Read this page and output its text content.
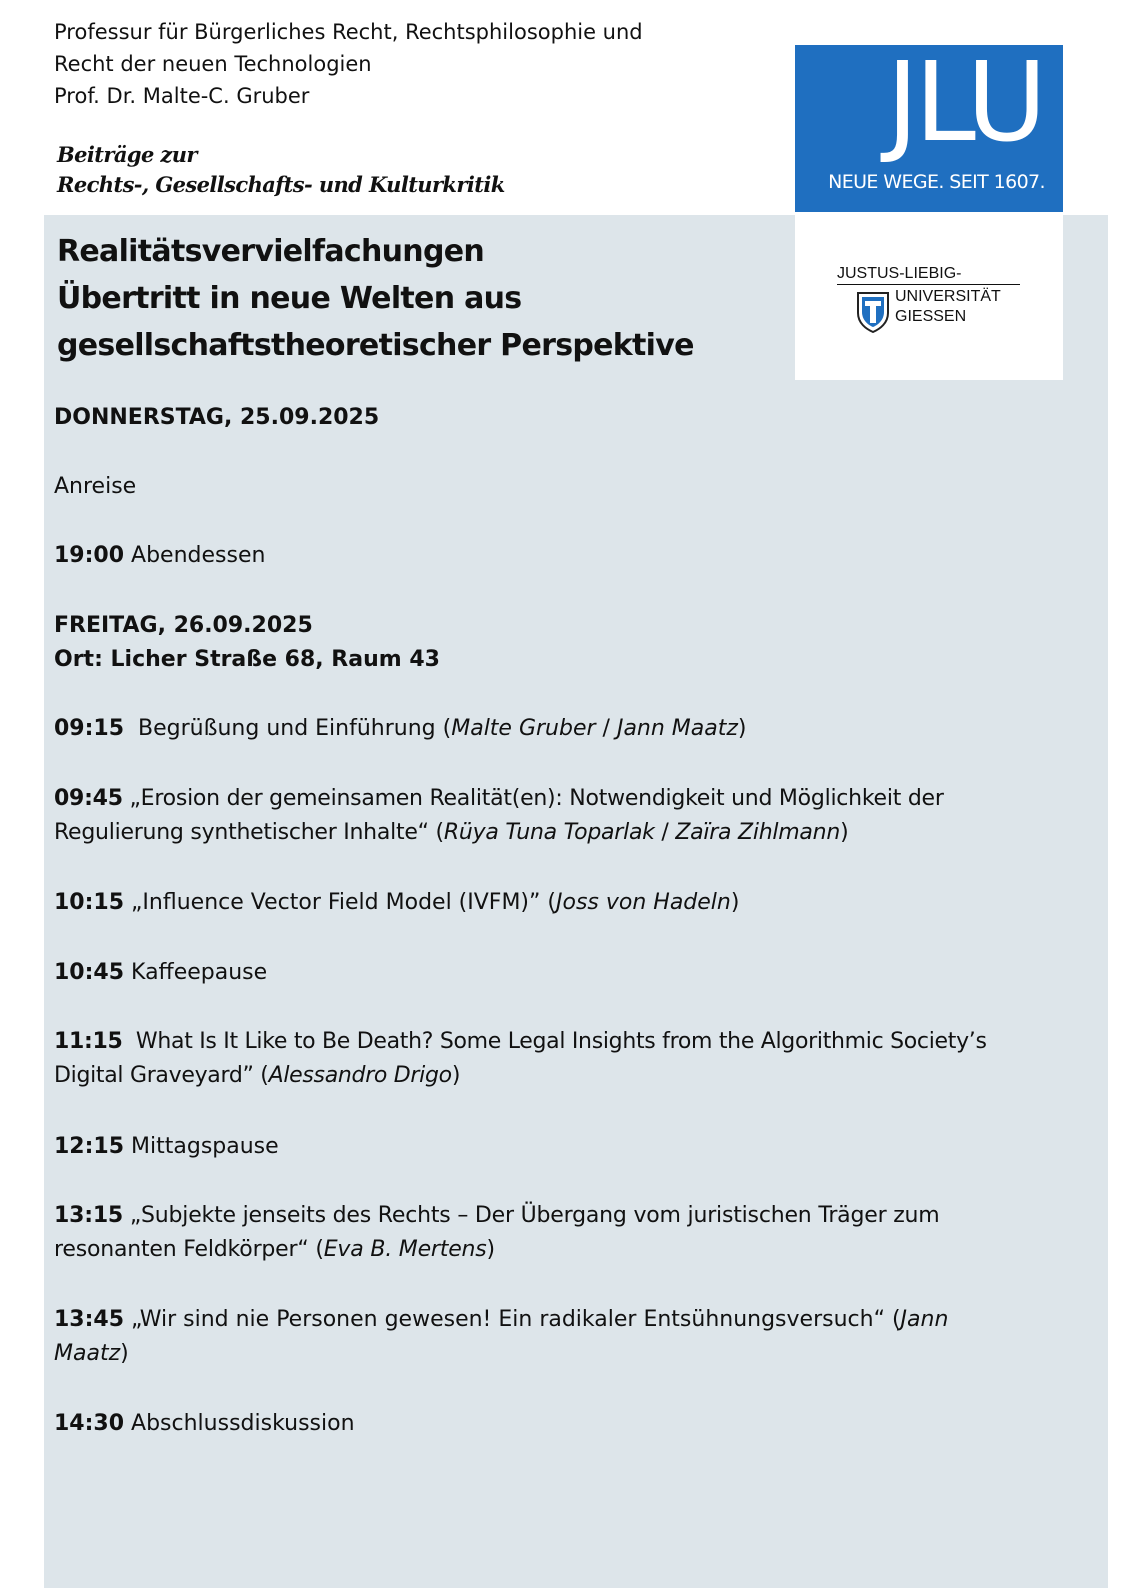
Professur für Bürgerliches Recht, Rechtsphilosophie und
Recht der neuen Technologien
Prof. Dr. Malte-C. Gruber
Beiträge zur
Rechts-, Gesellschafts- und Kulturkritik
JLU
NEUE WEGE. SEIT 1607.
JUSTUS-LIEBIG-
UNIVERSITÄT
GIESSEN
Realitätsvervielfachungen
Übertritt in neue Welten aus
gesellschaftstheoretischer Perspektive
DONNERSTAG, 25.09.2025
Anreise
19:00 Abendessen
FREITAG, 26.09.2025
Ort: Licher Straße 68, Raum 43
09:15 Begrüßung und Einführung (Malte Gruber / Jann Maatz)
09:45 „Erosion der gemeinsamen Realität(en): Notwendigkeit und Möglichkeit der Regulierung synthetischer Inhalte“ (Rüya Tuna Toparlak / Zaïra Zihlmann)
10:15 „Influence Vector Field Model (IVFM)” (Joss von Hadeln)
10:45 Kaffeepause
11:15 What Is It Like to Be Death? Some Legal Insights from the Algorithmic Society’s Digital Graveyard” (Alessandro Drigo)
12:15 Mittagspause
13:15 „Subjekte jenseits des Rechts – Der Übergang vom juristischen Träger zum resonanten Feldkörper“ (Eva B. Mertens)
13:45 „Wir sind nie Personen gewesen! Ein radikaler Entsühnungsversuch“ (Jann Maatz)
14:30 Abschlussdiskussion
